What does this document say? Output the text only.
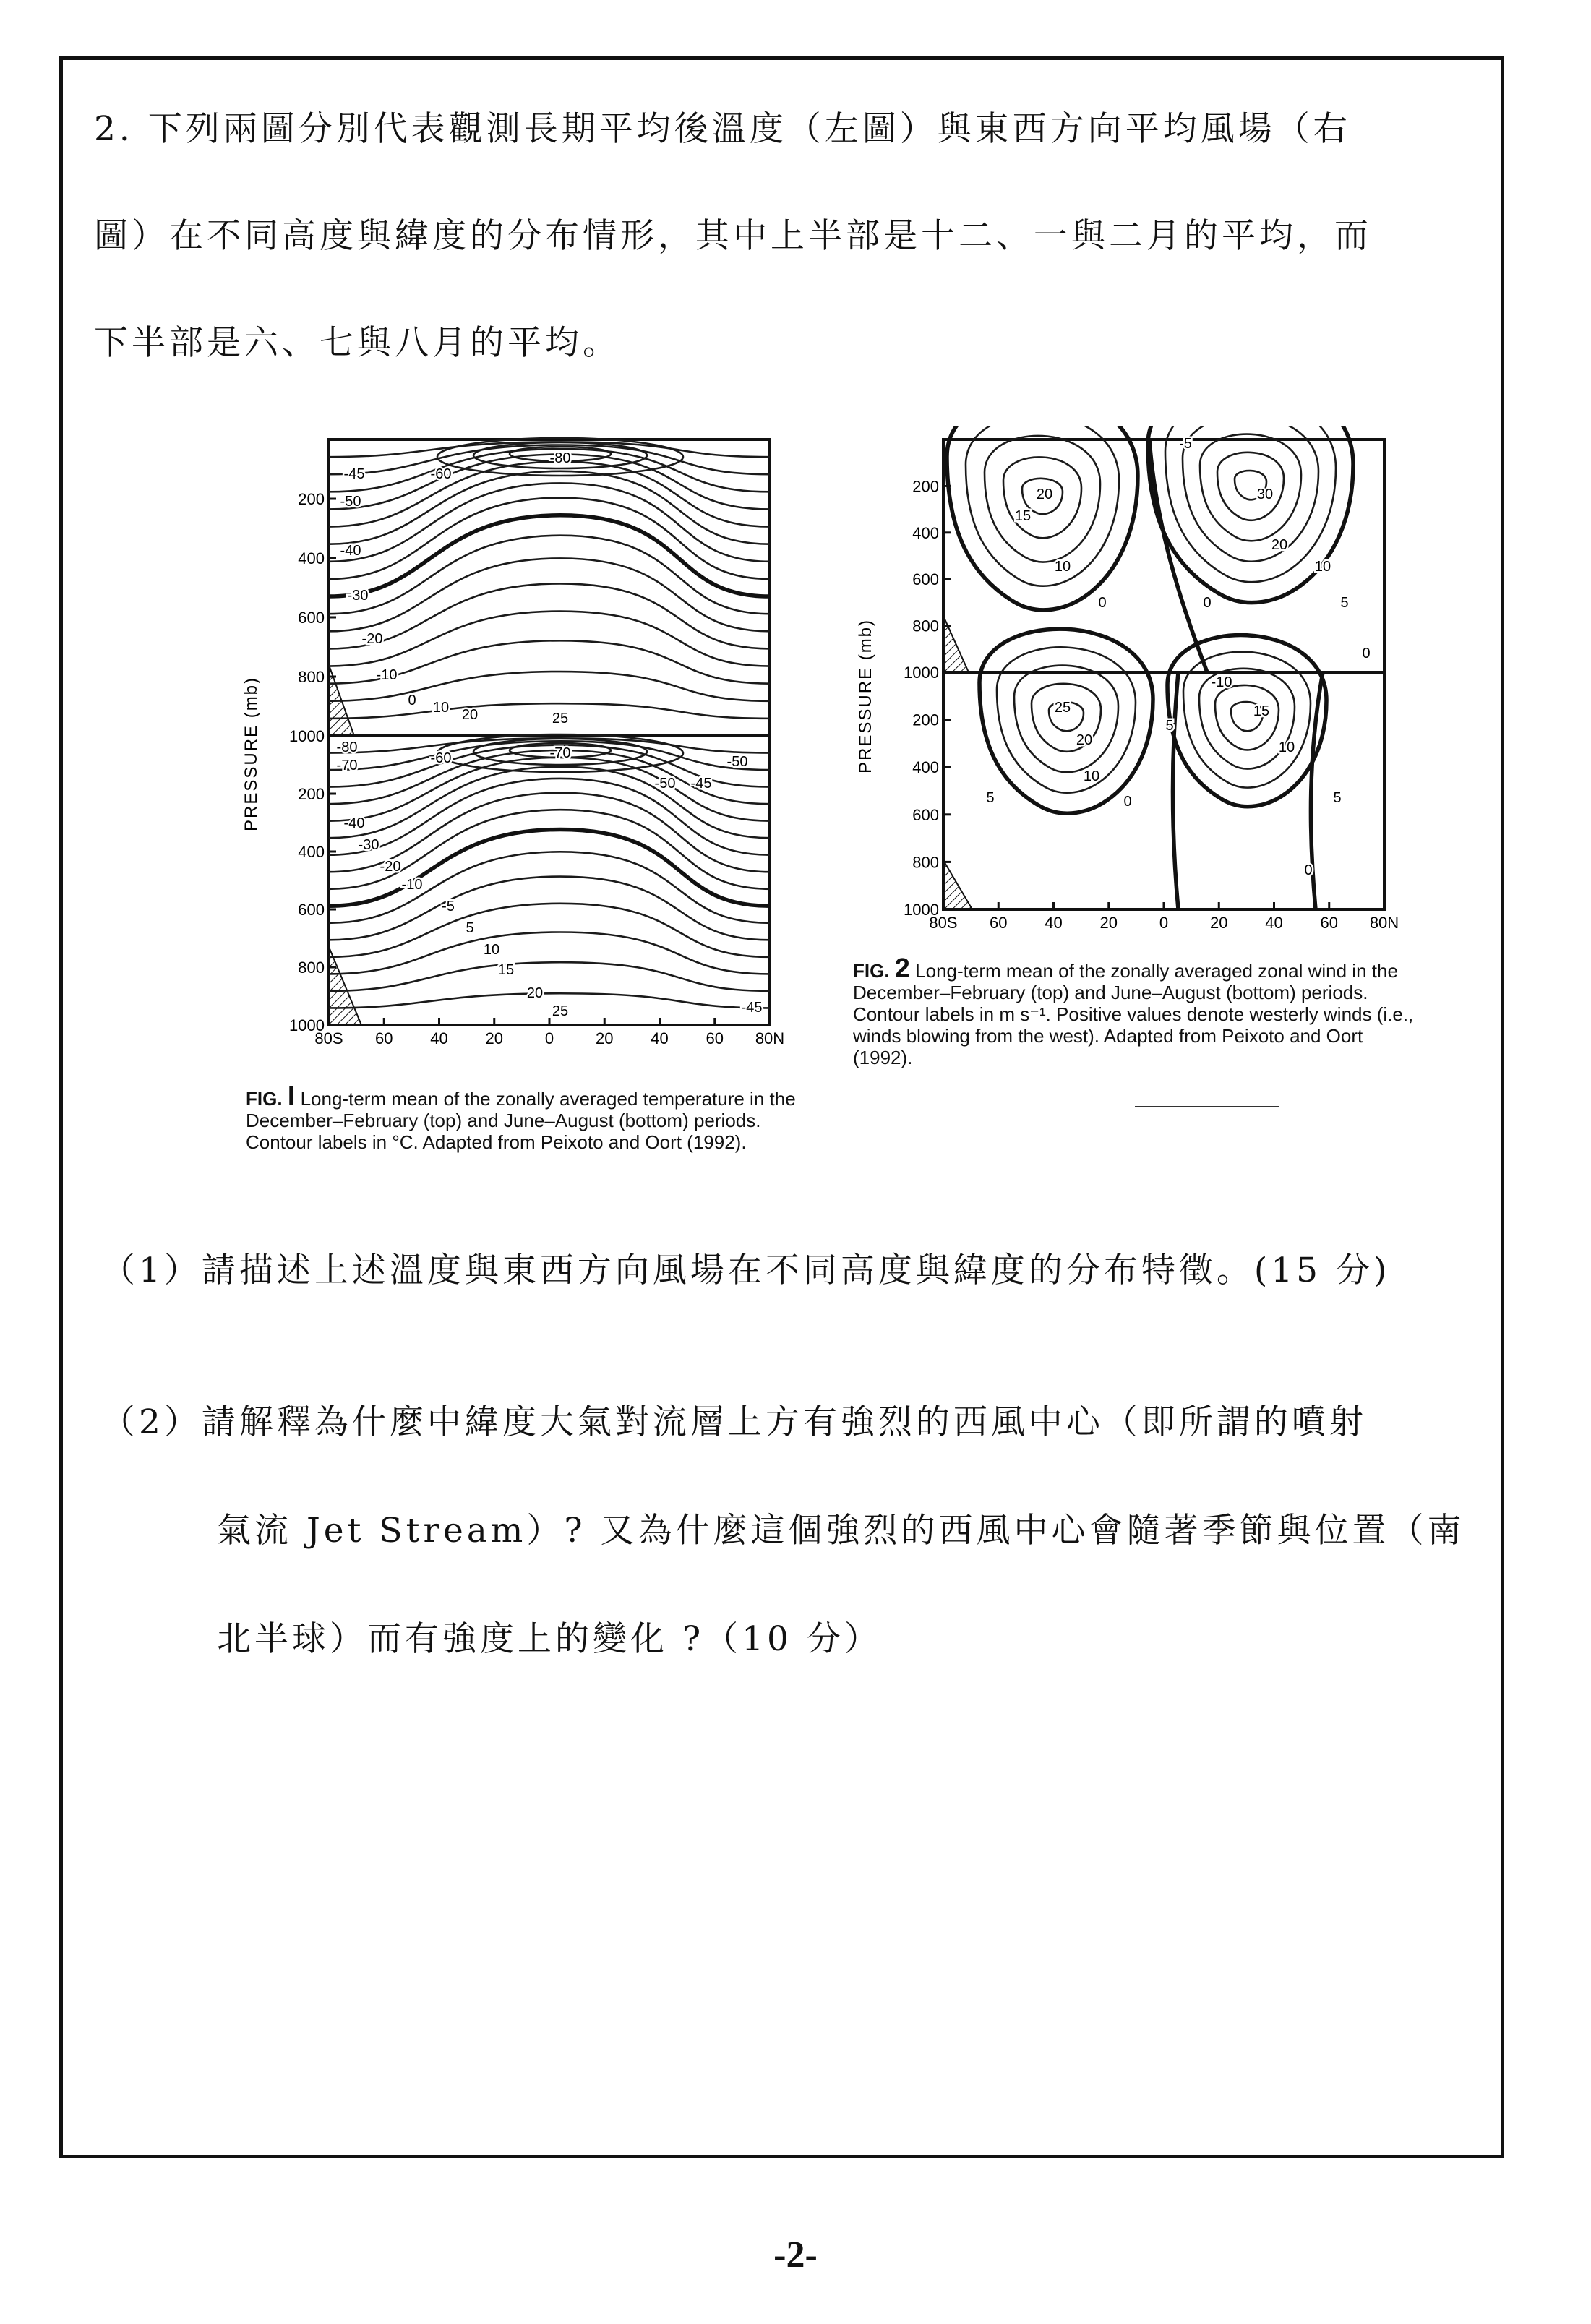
2. 下列兩圖分別代表觀測長期平均後溫度（左圖）與東西方向平均風場（右
圖）在不同高度與緯度的分布情形，其中上半部是十二、一與二月的平均，而
下半部是六、七與八月的平均。
PRESSURE (mb)
200
400
600
800
1000
200
400
600
800
1000
80S 60 40 20	0	20 40 60 80N
-45	-60
-80
-50
-40
-30
-20
-10
0 10 20	25
-80
-70	-60	-70
-50
-45
-50
-40
-30
-20
-10
-5
5
10
15
20
25	-45
FIG. I Long-term mean of the zonally averaged temperature in the December–February (top) and June–August (bottom) periods. Contour labels in °C. Adapted from Peixoto and Oort (1992).
PRESSURE (mb)
200
400
600
800
1000
200
400
600
800
1000
80S 60 40 20	0	20 40 60 80N
-5
20
15
10
0	0
30
20
10
5
0
25
20
10
0
5
-10
15
10
5
0
5
FIG. 2 Long-term mean of the zonally averaged zonal wind in the December–February (top) and June–August (bottom) periods. Contour labels in m s⁻¹. Positive values denote westerly winds (i.e., winds blowing from the west). Adapted from Peixoto and Oort (1992).
（1）請描述上述溫度與東西方向風場在不同高度與緯度的分布特徵。(15 分)
（2）請解釋為什麼中緯度大氣對流層上方有強烈的西風中心（即所謂的噴射
氣流 Jet Stream）? 又為什麼這個強烈的西風中心會隨著季節與位置（南
北半球）而有強度上的變化 ?（10 分）
-2-
